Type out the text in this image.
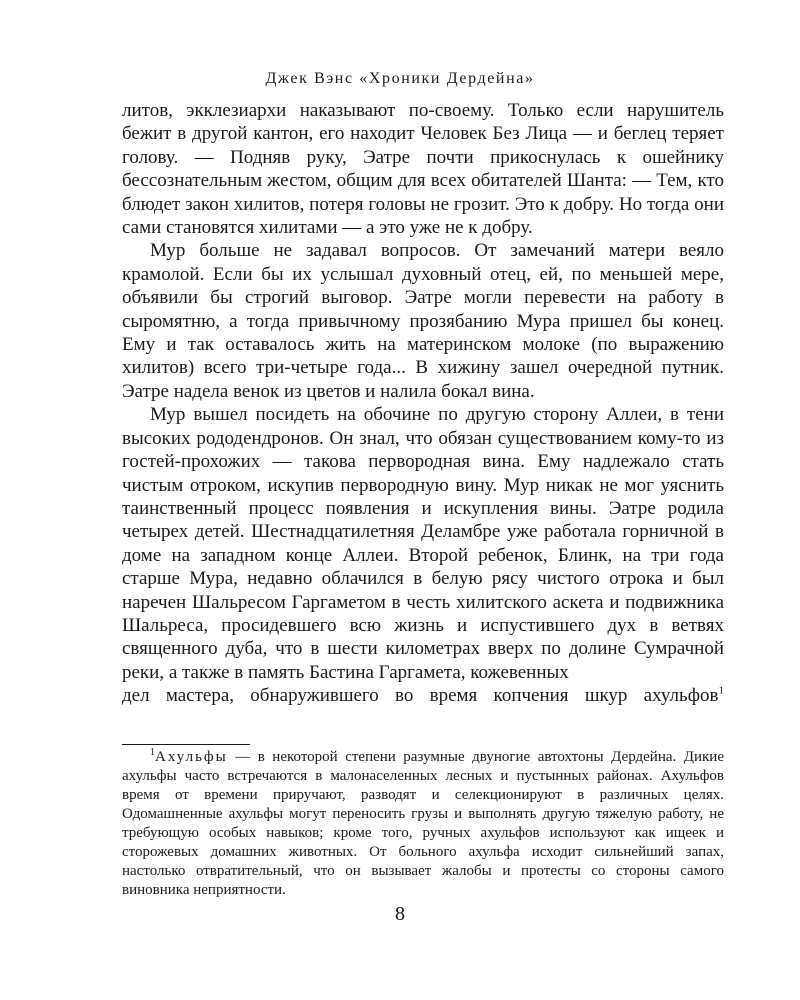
Джек Вэнс «Хроники Дердейна»

литов, экклезиархи наказывают по-своему. Только если нарушитель бежит в другой кантон, его находит Человек Без Лица — и беглец теряет голову. — Подняв руку, Эатре почти прикоснулась к ошейнику бессознательным жестом, общим для всех обитателей Шанта: — Тем, кто блюдет закон хилитов, потеря головы не грозит. Это к добру. Но тогда они сами становятся хилитами — а это уже не к добру.

Мур больше не задавал вопросов. От замечаний матери веяло крамолой. Если бы их услышал духовный отец, ей, по меньшей мере, объявили бы строгий выговор. Эатре могли перевести на работу в сыромятню, а тогда привычному прозябанию Мура пришел бы конец. Ему и так оставалось жить на материнском молоке (по выражению хилитов) всего три-четыре года... В хижину зашел очередной путник. Эатре надела венок из цветов и налила бокал вина.

Мур вышел посидеть на обочине по другую сторону Аллеи, в тени высоких рододендронов. Он знал, что обязан существованием кому-то из гостей-прохожих — такова первородная вина. Ему надлежало стать чистым отроком, искупив первородную вину. Мур никак не мог уяснить таинственный процесс появления и искупления вины. Эатре родила четырех детей. Шестнадцатилетняя Деламбре уже работала горничной в доме на западном конце Аллеи. Второй ребенок, Блинк, на три года старше Мура, недавно облачился в белую рясу чистого отрока и был наречен Шальресом Гаргаметом в честь хилитского аскета и подвижника Шальреса, просидевшего всю жизнь и испустившего дух в ветвях священного дуба, что в шести километрах вверх по долине Сумрачной реки, а также в память Бастина Гаргамета, кожевенных

дел мастера, обнаружившего во время копчения шкур ахульфов$^1$

$^1$Ахульфы — в некоторой степени разумные двуногие автохтоны Дердейна. Дикие ахульфы часто встречаются в малонаселенных лесных и пустынных районах. Ахульфов время от времени приручают, разводят и селекционируют в различных целях. Одомашненные ахульфы могут переносить грузы и выполнять другую тяжелую работу, не требующую особых навыков; кроме того, ручных ахульфов используют как ищеек и сторожевых домашних животных. От больного ахульфа исходит сильнейший запах, настолько отвратительный, что он вызывает жалобы и протесты со стороны самого виновника неприятности.

8
